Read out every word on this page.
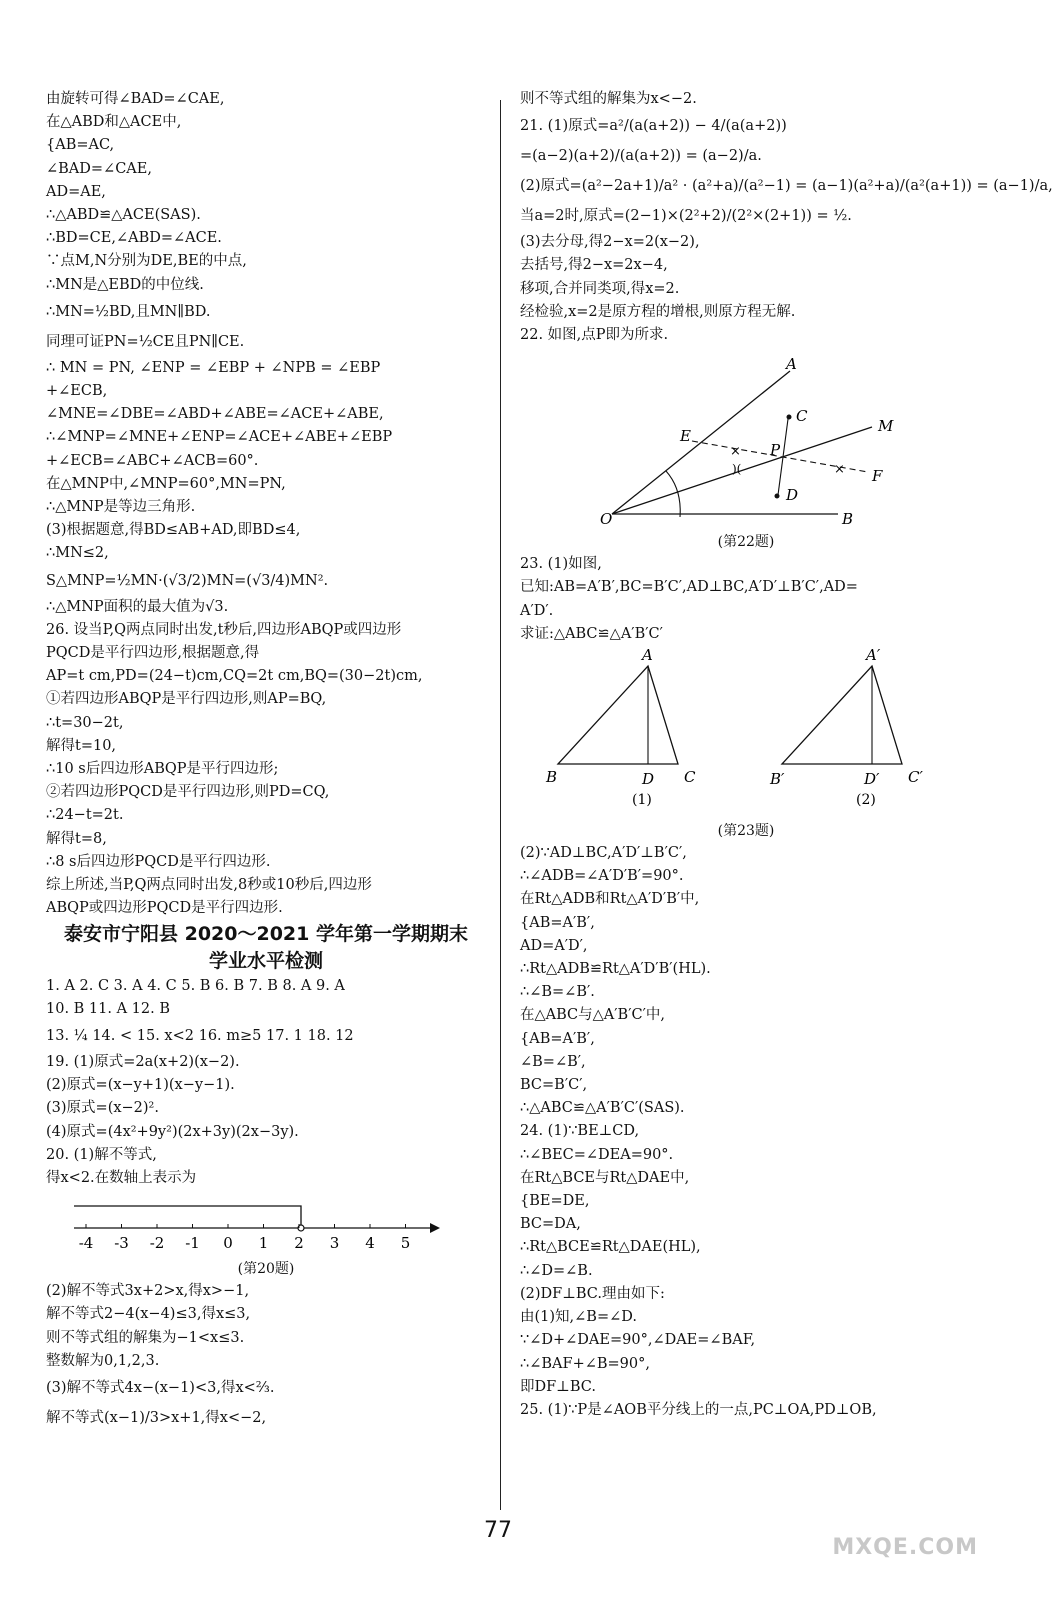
由旋转可得∠BAD=∠CAE,
在△ABD和△ACE中,
{AB=AC,
∠BAD=∠CAE,
AD=AE,
∴△ABD≌△ACE(SAS).
∴BD=CE,∠ABD=∠ACE.
∵点M,N分别为DE,BE的中点,
∴MN是△EBD的中位线.
∴MN=½BD,且MN∥BD.
同理可证PN=½CE且PN∥CE.
∴ MN = PN, ∠ENP = ∠EBP + ∠NPB = ∠EBP
+∠ECB,
∠MNE=∠DBE=∠ABD+∠ABE=∠ACE+∠ABE,
∴∠MNP=∠MNE+∠ENP=∠ACE+∠ABE+∠EBP
+∠ECB=∠ABC+∠ACB=60°.
在△MNP中,∠MNP=60°,MN=PN,
∴△MNP是等边三角形.
(3)根据题意,得BD≤AB+AD,即BD≤4,
∴MN≤2,
S△MNP=½MN·(√3/2)MN=(√3/4)MN².
∴△MNP面积的最大值为√3.
26. 设当P,Q两点同时出发,t秒后,四边形ABQP或四边形
PQCD是平行四边形,根据题意,得
AP=t cm,PD=(24−t)cm,CQ=2t cm,BQ=(30−2t)cm,
①若四边形ABQP是平行四边形,则AP=BQ,
∴t=30−2t,
解得t=10,
∴10 s后四边形ABQP是平行四边形;
②若四边形PQCD是平行四边形,则PD=CQ,
∴24−t=2t.
解得t=8,
∴8 s后四边形PQCD是平行四边形.
综上所述,当P,Q两点同时出发,8秒或10秒后,四边形
ABQP或四边形PQCD是平行四边形.
泰安市宁阳县 2020～2021 学年第一学期期末
学业水平检测
1. A 2. C 3. A 4. C 5. B 6. B 7. B 8. A 9. A
10. B 11. A 12. B
13. ¼ 14. < 15. x<2 16. m≥5 17. 1 18. 12
19. (1)原式=2a(x+2)(x−2).
(2)原式=(x−y+1)(x−y−1).
(3)原式=(x−2)².
(4)原式=(4x²+9y²)(2x+3y)(2x−3y).
20. (1)解不等式,
得x<2.在数轴上表示为
-4 -3 -2 -1 0 1 2 3 4 5
(第20题)
(2)解不等式3x+2>x,得x>−1,
解不等式2−4(x−4)≤3,得x≤3,
则不等式组的解集为−1<x≤3.
整数解为0,1,2,3.
(3)解不等式4x−(x−1)<3,得x<⅔.
解不等式(x−1)/3>x+1,得x<−2,
则不等式组的解集为x<−2.
21. (1)原式=a²/(a(a+2)) − 4/(a(a+2))
=(a−2)(a+2)/(a(a+2)) = (a−2)/a.
(2)原式=(a²−2a+1)/a² · (a²+a)/(a²−1) = (a−1)(a²+a)/(a²(a+1)) = (a−1)/a,
当a=2时,原式=(2−1)×(2²+2)/(2²×(2+1)) = ½.
(3)去分母,得2−x=2(x−2),
去括号,得2−x=2x−4,
移项,合并同类项,得x=2.
经检验,x=2是原方程的增根,则原方程无解.
22. 如图,点P即为所求.
×
)(	×
A
C
M
E
P
F
D
O	B
(第22题)
23. (1)如图,
已知:AB=A′B′,BC=B′C′,AD⊥BC,A′D′⊥B′C′,AD=
A′D′.
求证:△ABC≌△A′B′C′
A
B	D C
(1)
A′
B′	D′ C′
(2)
(第23题)
(2)∵AD⊥BC,A′D′⊥B′C′,
∴∠ADB=∠A′D′B′=90°.
在Rt△ADB和Rt△A′D′B′中,
{AB=A′B′,
AD=A′D′,
∴Rt△ADB≌Rt△A′D′B′(HL).
∴∠B=∠B′.
在△ABC与△A′B′C′中,
{AB=A′B′,
∠B=∠B′,
BC=B′C′,
∴△ABC≌△A′B′C′(SAS).
24. (1)∵BE⊥CD,
∴∠BEC=∠DEA=90°.
在Rt△BCE与Rt△DAE中,
{BE=DE,
BC=DA,
∴Rt△BCE≌Rt△DAE(HL),
∴∠D=∠B.
(2)DF⊥BC.理由如下:
由(1)知,∠B=∠D.
∵∠D+∠DAE=90°,∠DAE=∠BAF,
∴∠BAF+∠B=90°,
即DF⊥BC.
25. (1)∵P是∠AOB平分线上的一点,PC⊥OA,PD⊥OB,
77
MXQE.COM
